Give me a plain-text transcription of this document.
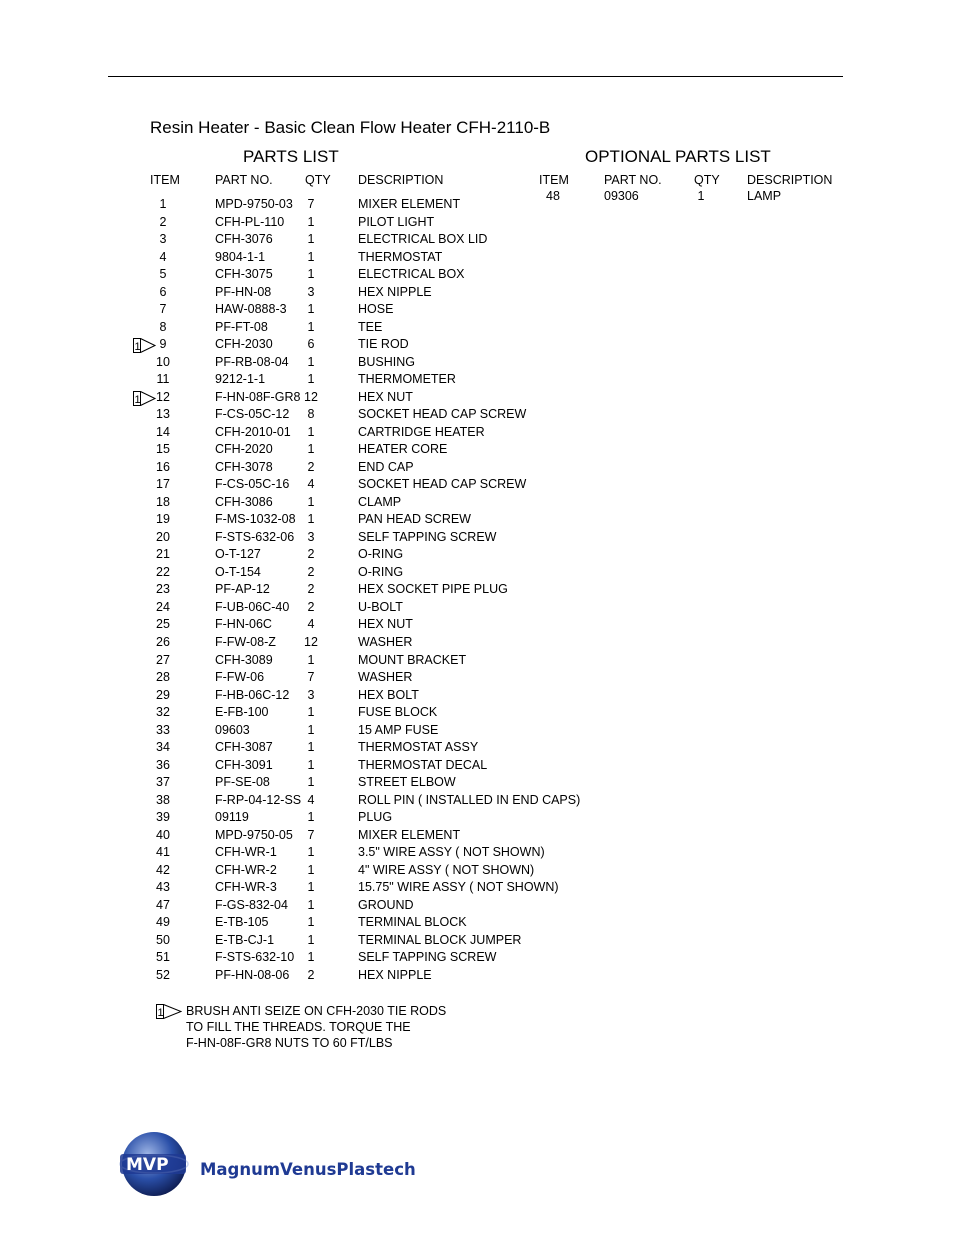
Resin Heater - Basic Clean Flow Heater CFH-2110-B
PARTS LIST	OPTIONAL PARTS LIST
ITEM	PART NO.	QTY DESCRIPTION	ITEM	PART NO.	QTY DESCRIPTION
1	MPD-9750-03	7	MIXER ELEMENT
2	CFH-PL-110	1	PILOT LIGHT
3	CFH-3076	1	ELECTRICAL BOX LID
4	9804-1-1	1	THERMOSTAT
5	CFH-3075	1	ELECTRICAL BOX
6	PF-HN-08	3	HEX NIPPLE
7	HAW-0888-3	1	HOSE
8	PF-FT-08	1	TEE
9	CFH-2030	6	TIE ROD
1
10	PF-RB-08-04	1	BUSHING
11	9212-1-1	1	THERMOMETER
12	F-HN-08F-GR8 12	HEX NUT
1
13	F-CS-05C-12	8	SOCKET HEAD CAP SCREW
14	CFH-2010-01	1	CARTRIDGE HEATER
15	CFH-2020	1	HEATER CORE
16	CFH-3078	2	END CAP
17	F-CS-05C-16	4	SOCKET HEAD CAP SCREW
18	CFH-3086	1	CLAMP
19	F-MS-1032-08 1	PAN HEAD SCREW
20	F-STS-632-06	3	SELF TAPPING SCREW
21	O-T-127	2	O-RING
22	O-T-154	2	O-RING
23	PF-AP-12	2	HEX SOCKET PIPE PLUG
24	F-UB-06C-40	2	U-BOLT
25	F-HN-06C	4	HEX NUT
26	F-FW-08-Z	12	WASHER
27	CFH-3089	1	MOUNT BRACKET
28	F-FW-06	7	WASHER
29	F-HB-06C-12	3	HEX BOLT
32	E-FB-100	1	FUSE BLOCK
33	09603	1	15 AMP FUSE
34	CFH-3087	1	THERMOSTAT ASSY
36	CFH-3091	1	THERMOSTAT DECAL
37	PF-SE-08	1	STREET ELBOW
38	F-RP-04-12-SS 4	ROLL PIN ( INSTALLED IN END CAPS)
39	09119	1	PLUG
40	MPD-9750-05	7	MIXER ELEMENT
41	CFH-WR-1	1	3.5" WIRE ASSY ( NOT SHOWN)
42	CFH-WR-2	1	4" WIRE ASSY ( NOT SHOWN)
43	CFH-WR-3	1	15.75" WIRE ASSY ( NOT SHOWN)
47	F-GS-832-04	1	GROUND
49	E-TB-105	1	TERMINAL BLOCK
50	E-TB-CJ-1	1	TERMINAL BLOCK JUMPER
51	F-STS-632-10	1	SELF TAPPING SCREW
52	PF-HN-08-06	2	HEX NIPPLE
48	09306	1	LAMP
1 BRUSH ANTI SEIZE ON CFH-2030 TIE RODS
TO FILL THE THREADS. TORQUE THE
F-HN-08F-GR8 NUTS TO 60 FT/LBS
MVP MagnumVenusPlastech
